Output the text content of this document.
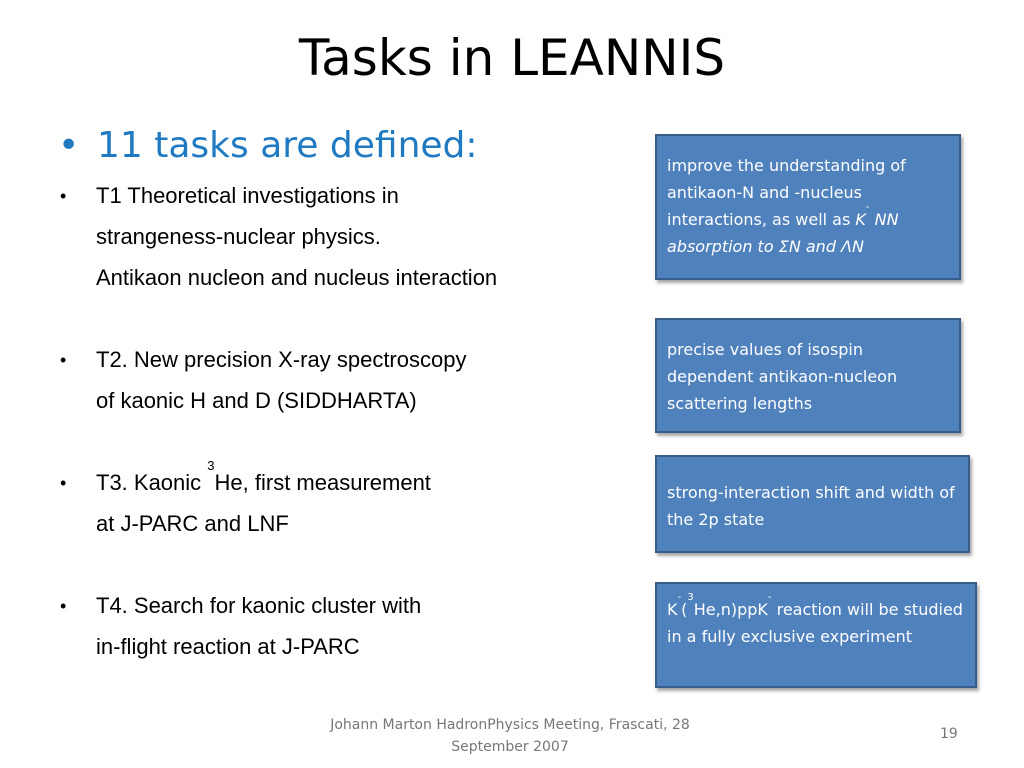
Tasks in LEANNIS
• 11 tasks are defined:
• T1 Theoretical investigations in
strangeness-nuclear physics.
Antikaon nucleon and nucleus interaction
• T2. New precision X-ray spectroscopy
of kaonic H and D (SIDDHARTA)
• T3. Kaonic $^3$He, first measurement
at J-PARC and LNF
• T4. Search for kaonic cluster with
in-flight reaction at J-PARC
improve the understanding of antikaon-N and -nucleus interactions, as well as K- NN absorption to ΣN and ΛN
precise values of isospin dependent antikaon-nucleon scattering lengths
strong-interaction shift and width of the 2p state
K-($^3$He,n)ppK- reaction will be studied in a fully exclusive experiment
Johann Marton HadronPhysics Meeting, Frascati, 28 September 2007
19
